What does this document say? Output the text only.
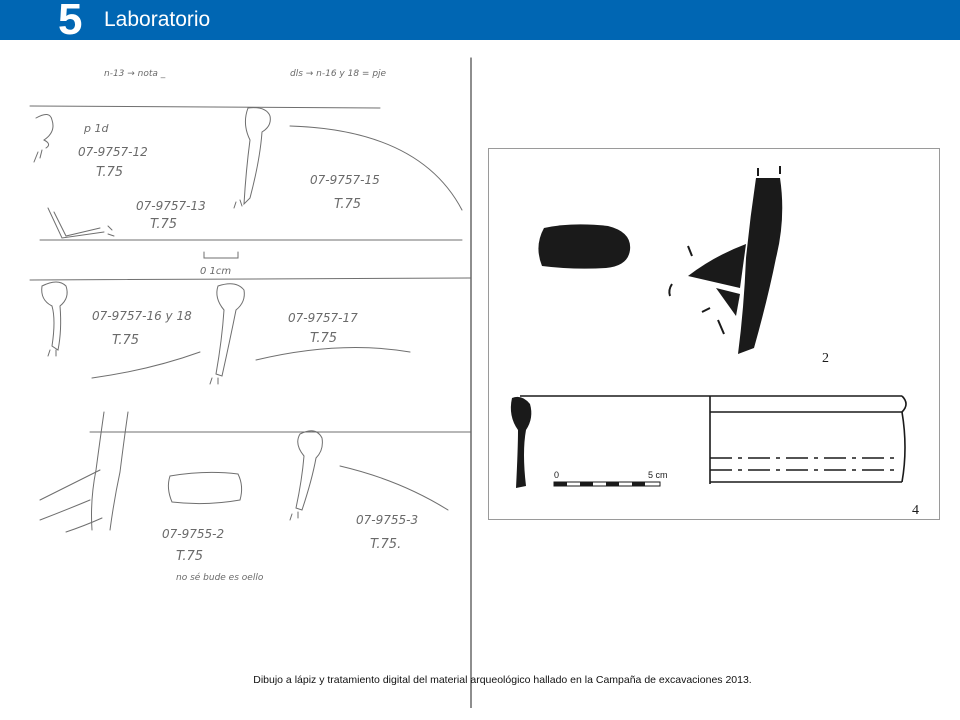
5 Laboratorio
n-13 → nota _	dls → n-16 y 18 = pje
p 1d
07-9757-12
T.75	07-9757-15
T.75
07-9757-13
T.75
0 1cm
07-9757-16 y 18
T.75
07-9757-17
T.75
07-9755-2
T.75
no sé bude es oello
07-9755-3
T.75.
0	5 cm
2
4
Dibujo a lápiz y tratamiento digital del material arqueológico hallado en la Campaña de excavaciones 2013.
